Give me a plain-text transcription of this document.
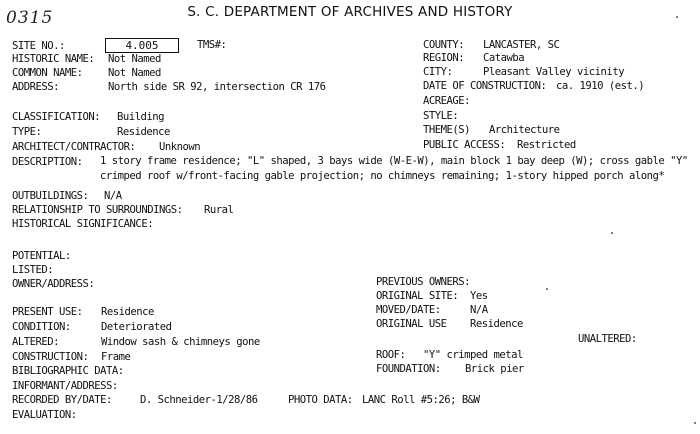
0315	S. C. DEPARTMENT OF ARCHIVES AND HISTORY
SITE NO.:	4.005	TMS#:
HISTORIC NAME: Not Named
COMMON NAME: Not Named
ADDRESS:	North side SR 92, intersection CR 176
COUNTY: LANCASTER, SC
REGION: Catawba
CITY:	Pleasant Valley vicinity
DATE OF CONSTRUCTION: ca. 1910 (est.)
ACREAGE:
CLASSIFICATION: Building	STYLE:
TYPE:	Residence	THEME(S) Architecture
ARCHITECT/CONTRACTOR: Unknown	PUBLIC ACCESS: Restricted
DESCRIPTION: 1 story frame residence; "L" shaped, 3 bays wide (W-E-W), main block 1 bay deep (W); cross gable "Y"
crimped roof w/front-facing gable projection; no chimneys remaining; 1-story hipped porch along*
OUTBUILDINGS: N/A
RELATIONSHIP TO SURROUNDINGS: Rural
HISTORICAL SIGNIFICANCE:
POTENTIAL:
LISTED:
OWNER/ADDRESS:	PREVIOUS OWNERS:
ORIGINAL SITE: Yes
MOVED/DATE:	N/A
ORIGINAL USE Residence
UNALTERED:
PRESENT USE: Residence
CONDITION:	Deteriorated
ALTERED:	Window sash & chimneys gone
CONSTRUCTION: Frame	ROOF: "Y" crimped metal
BIBLIOGRAPHIC DATA:	FOUNDATION: Brick pier
INFORMANT/ADDRESS:
RECORDED BY/DATE:	D. Schneider-1/28/86	PHOTO DATA: LANC Roll #5:26; B&W
EVALUATION:
